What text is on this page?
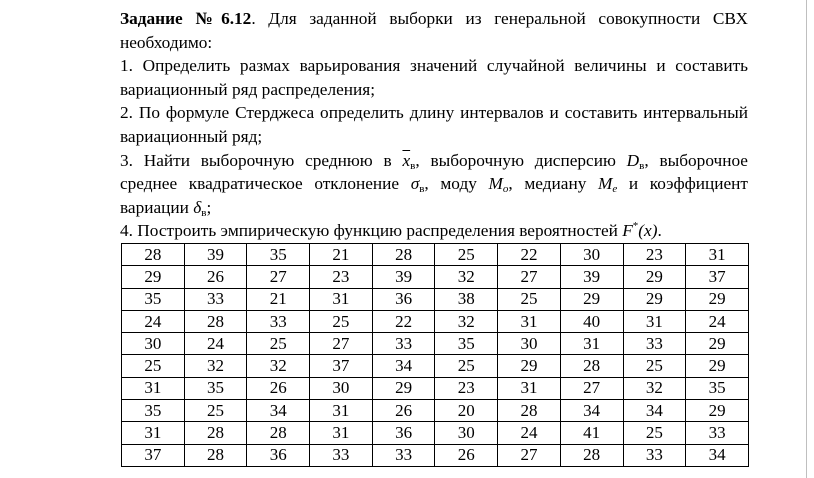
Задание №6.12. Для заданной выборки из генеральной совокупности СВХ необходимо:

1. Определить размах варьирования значений случайной величины и составить вариационный ряд распределения;

2. По формуле Стерджеса определить длину интервалов и составить интервальный вариационный ряд;

3. Найти выборочную среднюю в $\overline{x}_в$, выборочную дисперсию $D_в$, выборочное среднее квадратическое отклонение $\sigma_в$, моду $M_o$, медиану $M_e$ и коэффициент вариации $\delta_в$;

4. Построить эмпирическую функцию распределения вероятностей F*(x).

28	39	35	21	28	25	22	30	23	31
29	26	27	23	39	32	27	39	29	37
35	33	21	31	36	38	25	29	29	29
24	28	33	25	22	32	31	40	31	24
30	24	25	27	33	35	30	31	33	29
25	32	32	37	34	25	29	28	25	29
31	35	26	30	29	23	31	27	32	35
35	25	34	31	26	20	28	34	34	29
31	28	28	31	36	30	24	41	25	33
37	28	36	33	33	26	27	28	33	34
